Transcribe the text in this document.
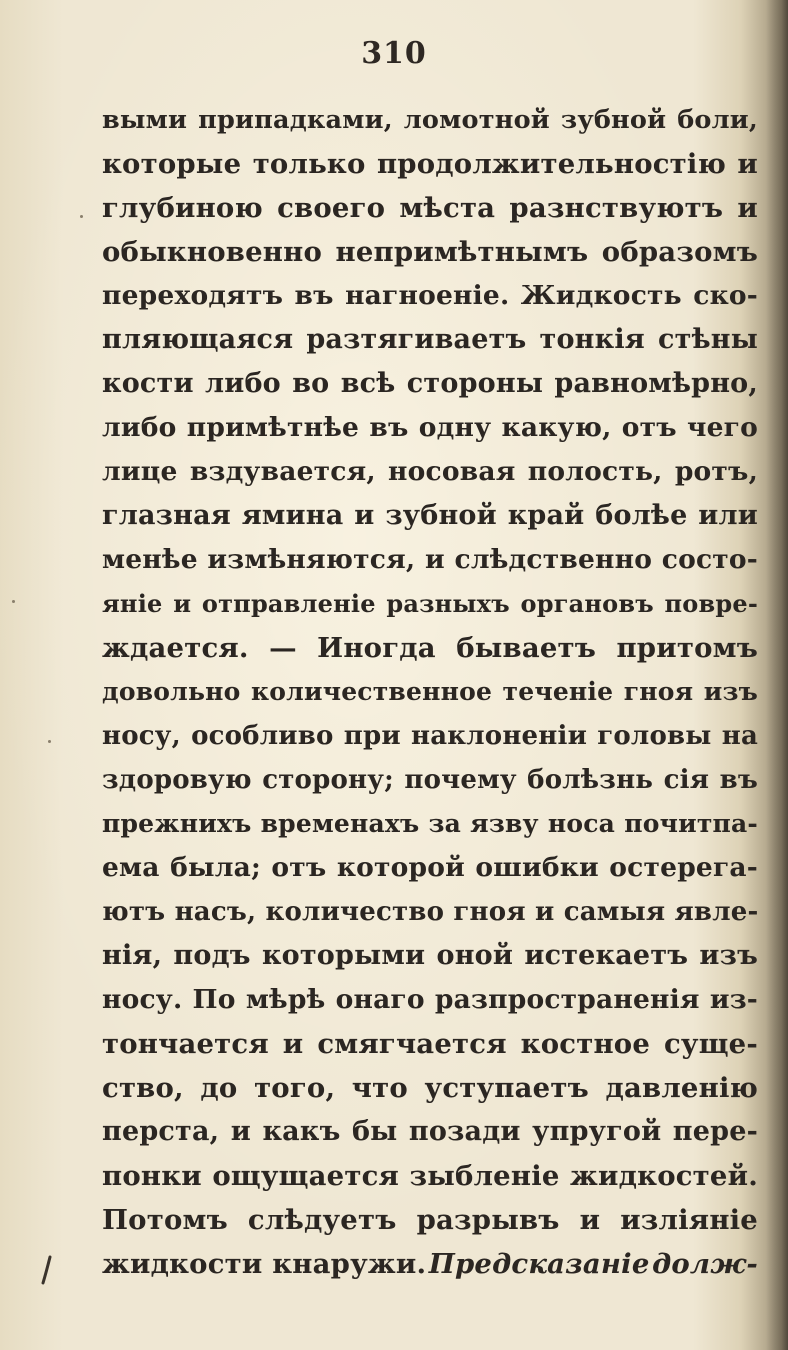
310
выми припадками, ломотной зубной боли,
которые только продолжительностію и
глубиною своего мѣста разнствуютъ и
обыкновенно непримѣтнымъ образомъ
переходятъ въ нагноеніе. Жидкость ско-
пляющаяся разтягиваетъ тонкія стѣны
кости либо во всѣ стороны равномѣрно,
либо примѣтнѣе въ одну какую, отъ чего
лице вздувается, носовая полость, ротъ,
глазная ямина и зубной край болѣе или
менѣе измѣняются, и слѣдственно состо-
яніе и отправленіе разныхъ органовъ повре-
ждается. — Иногда бываетъ притомъ
довольно количественное теченіе гноя изъ
носу, особливо при наклоненіи головы на
здоровую сторону; почему болѣзнь сія въ
прежнихъ временахъ за язву носа почитпа-
ема была; отъ которой ошибки остерега-
ютъ насъ, количество гноя и самыя явле-
нія, подъ которыми оной истекаетъ изъ
носу. По мѣрѣ онаго разпространенія из-
тончается и смягчается костное суще-
ство, до того, что уступаетъ давленію
перста, и какъ бы позади упругой пере-
понки ощущается зыбленіе жидкостей.
Потомъ слѣдуетъ разрывъ и изліяніе
жидкости кнаружи. Предсказаніе долж-
